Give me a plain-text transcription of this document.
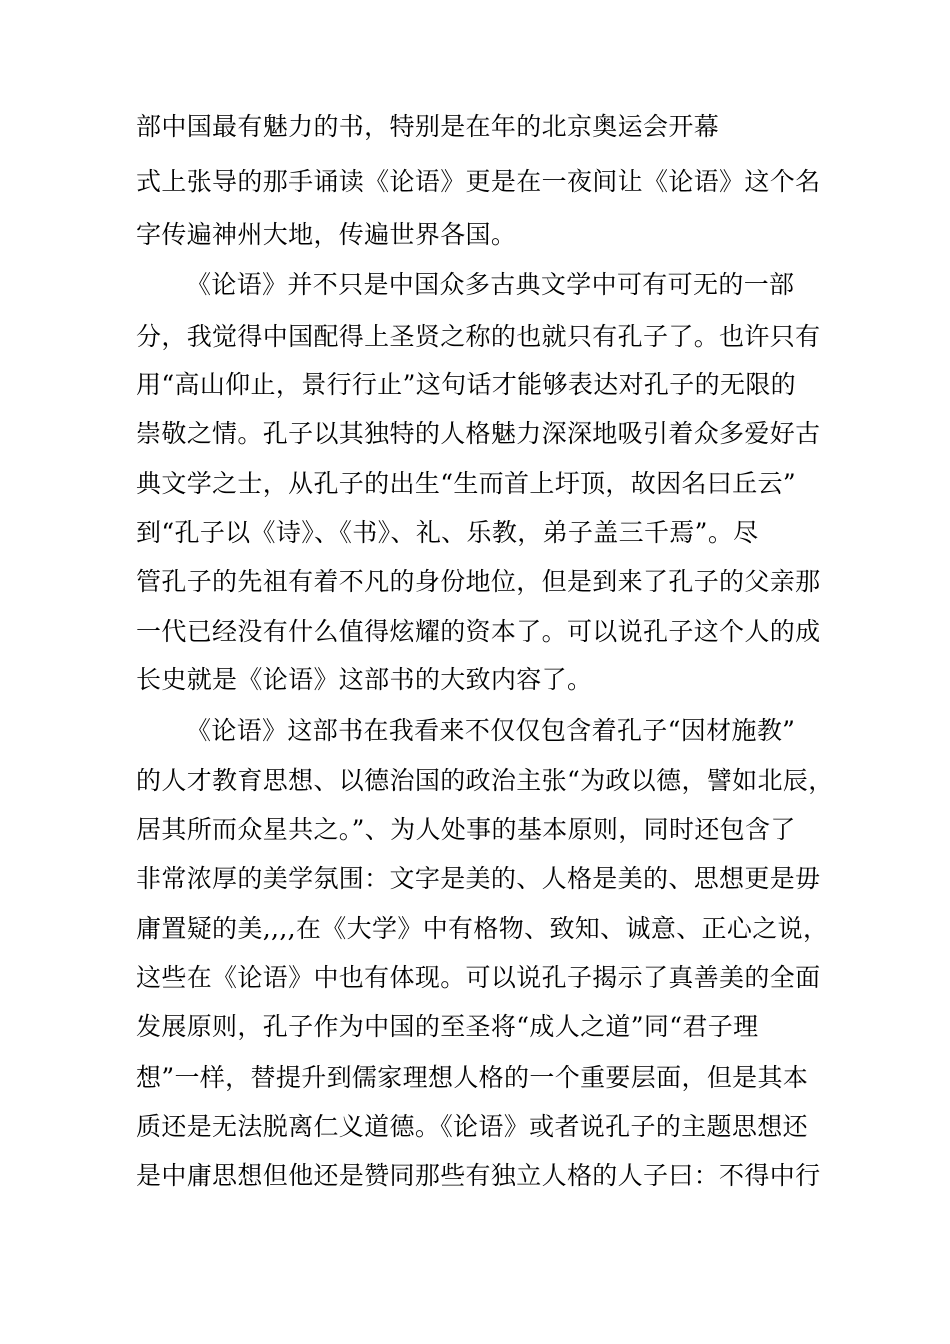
部中国最有魅力的书，特别是在年的北京奥运会开幕
式上张导的那手诵读《论语》更是在一夜间让《论语》这个名
字传遍神州大地，传遍世界各国。
《论语》并不只是中国众多古典文学中可有可无的一部
分，我觉得中国配得上圣贤之称的也就只有孔子了。也许只有
用“高山仰止，景行行止”这句话才能够表达对孔子的无限的
崇敬之情。孔子以其独特的人格魅力深深地吸引着众多爱好古
典文学之士，从孔子的出生“生而首上圩顶，故因名曰丘云”
到“孔子以《诗》、《书》、礼、乐教，弟子盖三千焉”。尽
管孔子的先祖有着不凡的身份地位，但是到来了孔子的父亲那
一代已经没有什么值得炫耀的资本了。可以说孔子这个人的成
长史就是《论语》这部书的大致内容了。
《论语》这部书在我看来不仅仅包含着孔子“因材施教”
的人才教育思想、以德治国的政治主张“为政以德，譬如北辰，
居其所而众星共之。”、为人处事的基本原则，同时还包含了
非常浓厚的美学氛围：文字是美的、人格是美的、思想更是毋
庸置疑的美,,,,在《大学》中有格物、致知、诚意、正心之说，
这些在《论语》中也有体现。可以说孔子揭示了真善美的全面
发展原则，孔子作为中国的至圣将“成人之道”同“君子理
想”一样，替提升到儒家理想人格的一个重要层面，但是其本
质还是无法脱离仁义道德。《论语》或者说孔子的主题思想还
是中庸思想但他还是赞同那些有独立人格的人子曰：不得中行
